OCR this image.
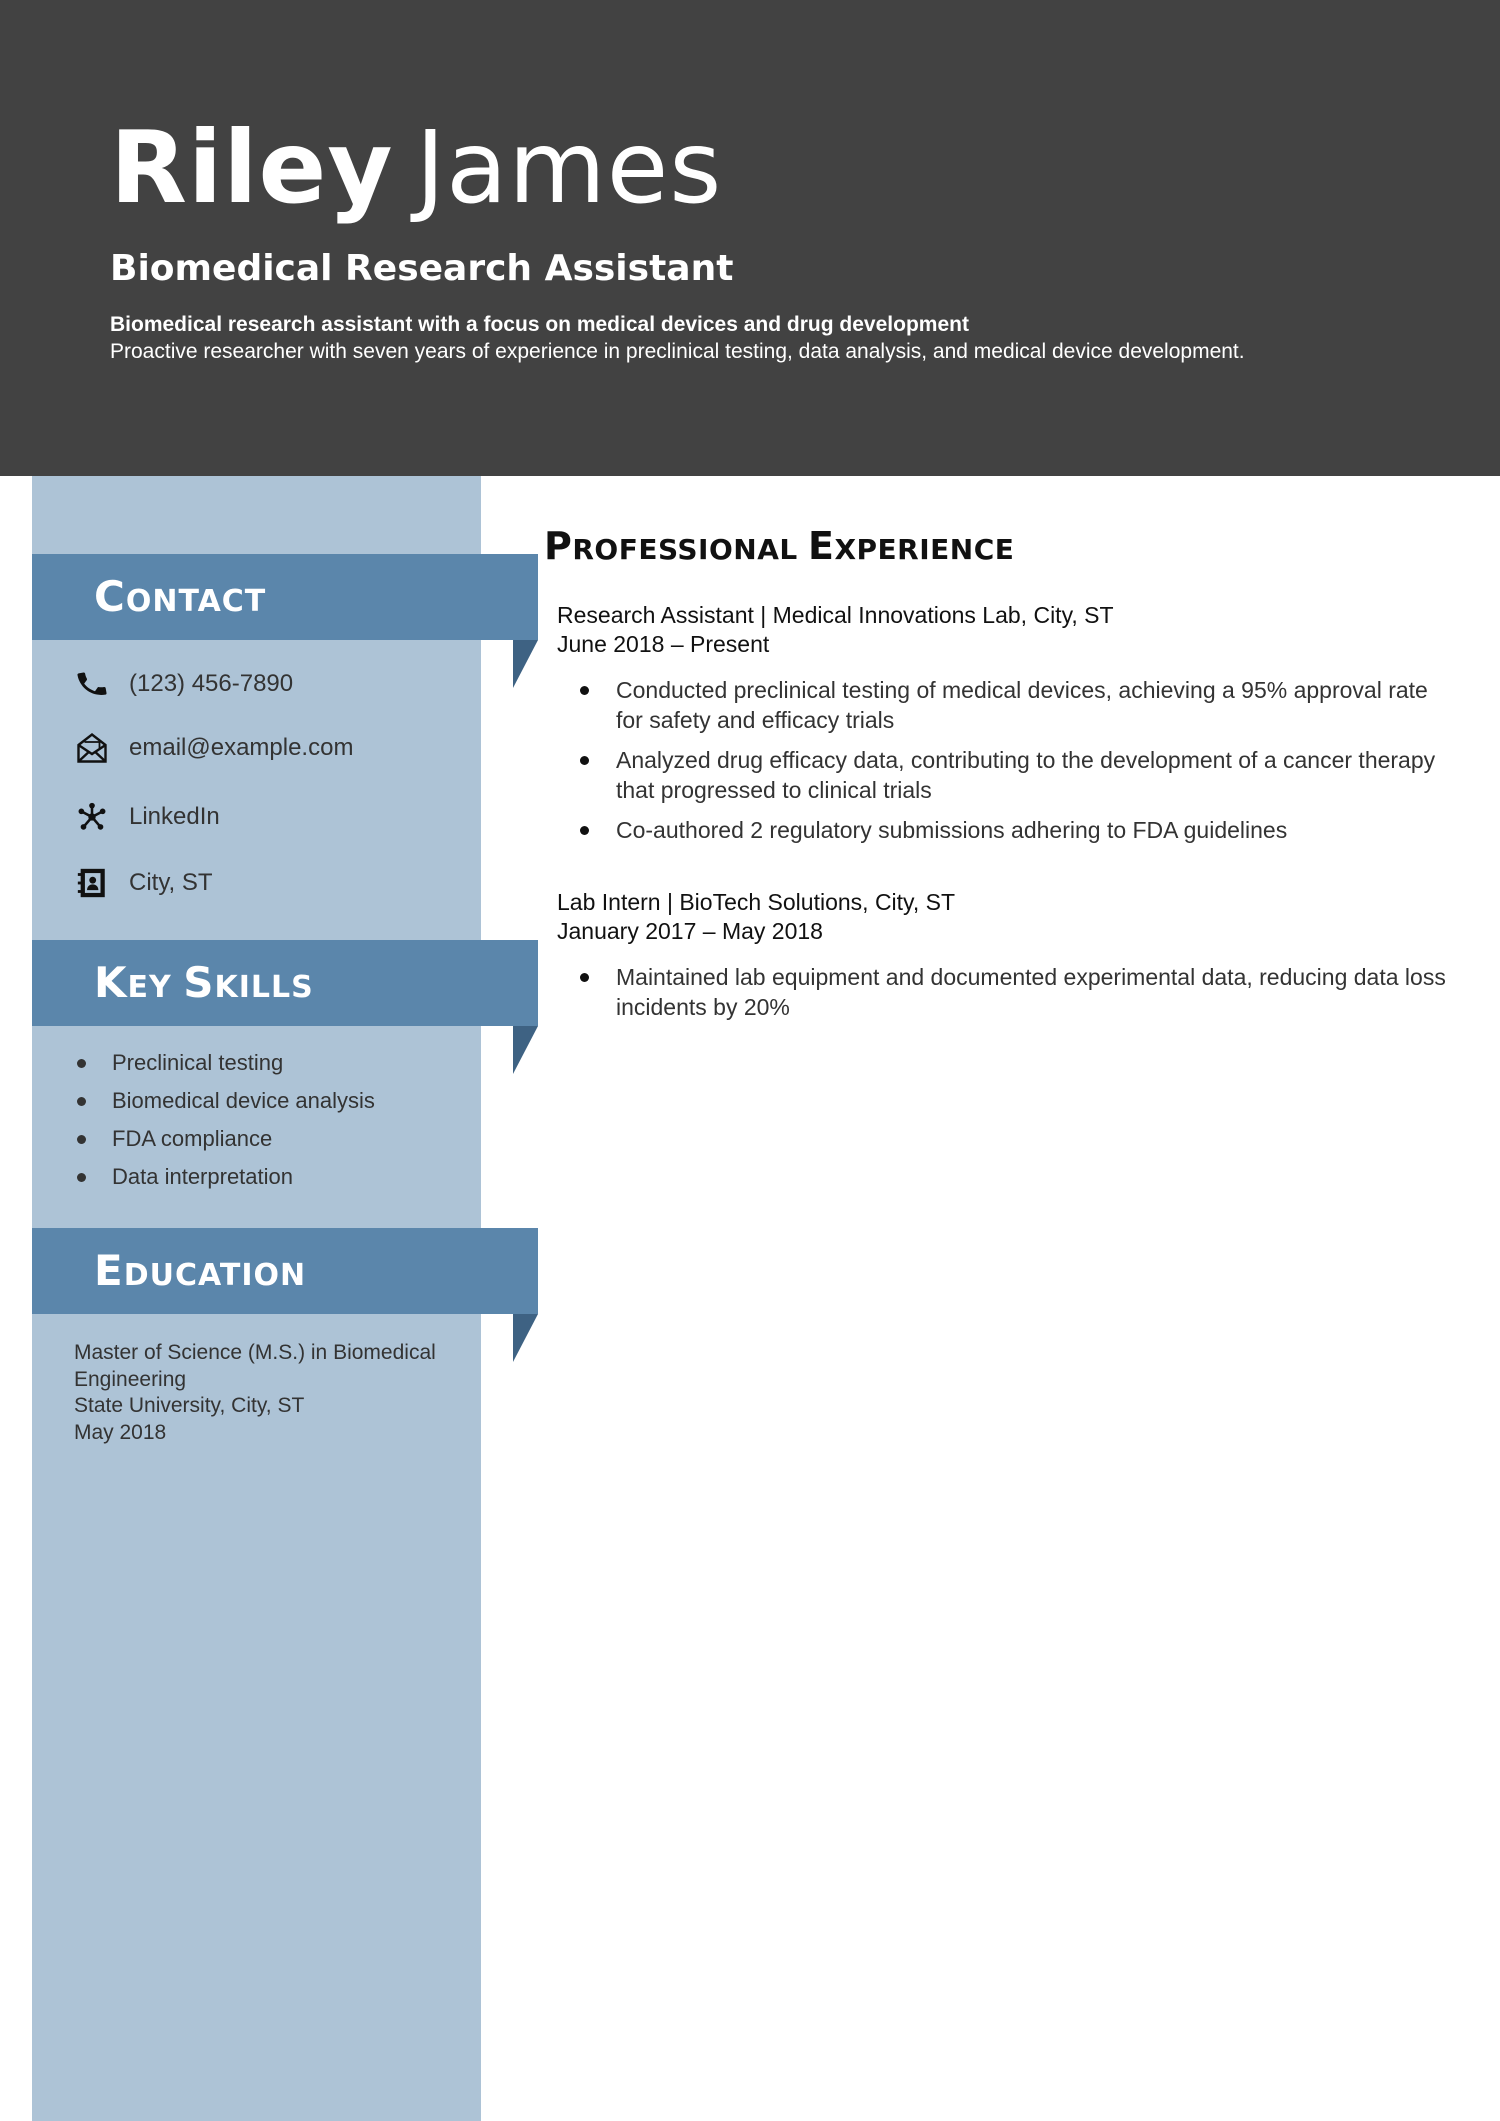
Riley James
Biomedical Research Assistant
Biomedical research assistant with a focus on medical devices and drug development
Proactive researcher with seven years of experience in preclinical testing, data analysis, and medical device development.
CONTACT
KEY SKILLS
EDUCATION
(123) 456-7890
email@example.com
LinkedIn
City, ST
Preclinical testing
Biomedical device analysis
FDA compliance
Data interpretation
Master of Science (M.S.) in Biomedical
Engineering
State University, City, ST
May 2018
PROFESSIONAL EXPERIENCE
Research Assistant | Medical Innovations Lab, City, ST
June 2018 – Present
Conducted preclinical testing of medical devices, achieving a 95% approval rate for safety and efficacy trials
Analyzed drug efficacy data, contributing to the development of a cancer therapy that progressed to clinical trials
Co-authored 2 regulatory submissions adhering to FDA guidelines
Lab Intern | BioTech Solutions, City, ST
January 2017 – May 2018
Maintained lab equipment and documented experimental data, reducing data loss incidents by 20%
